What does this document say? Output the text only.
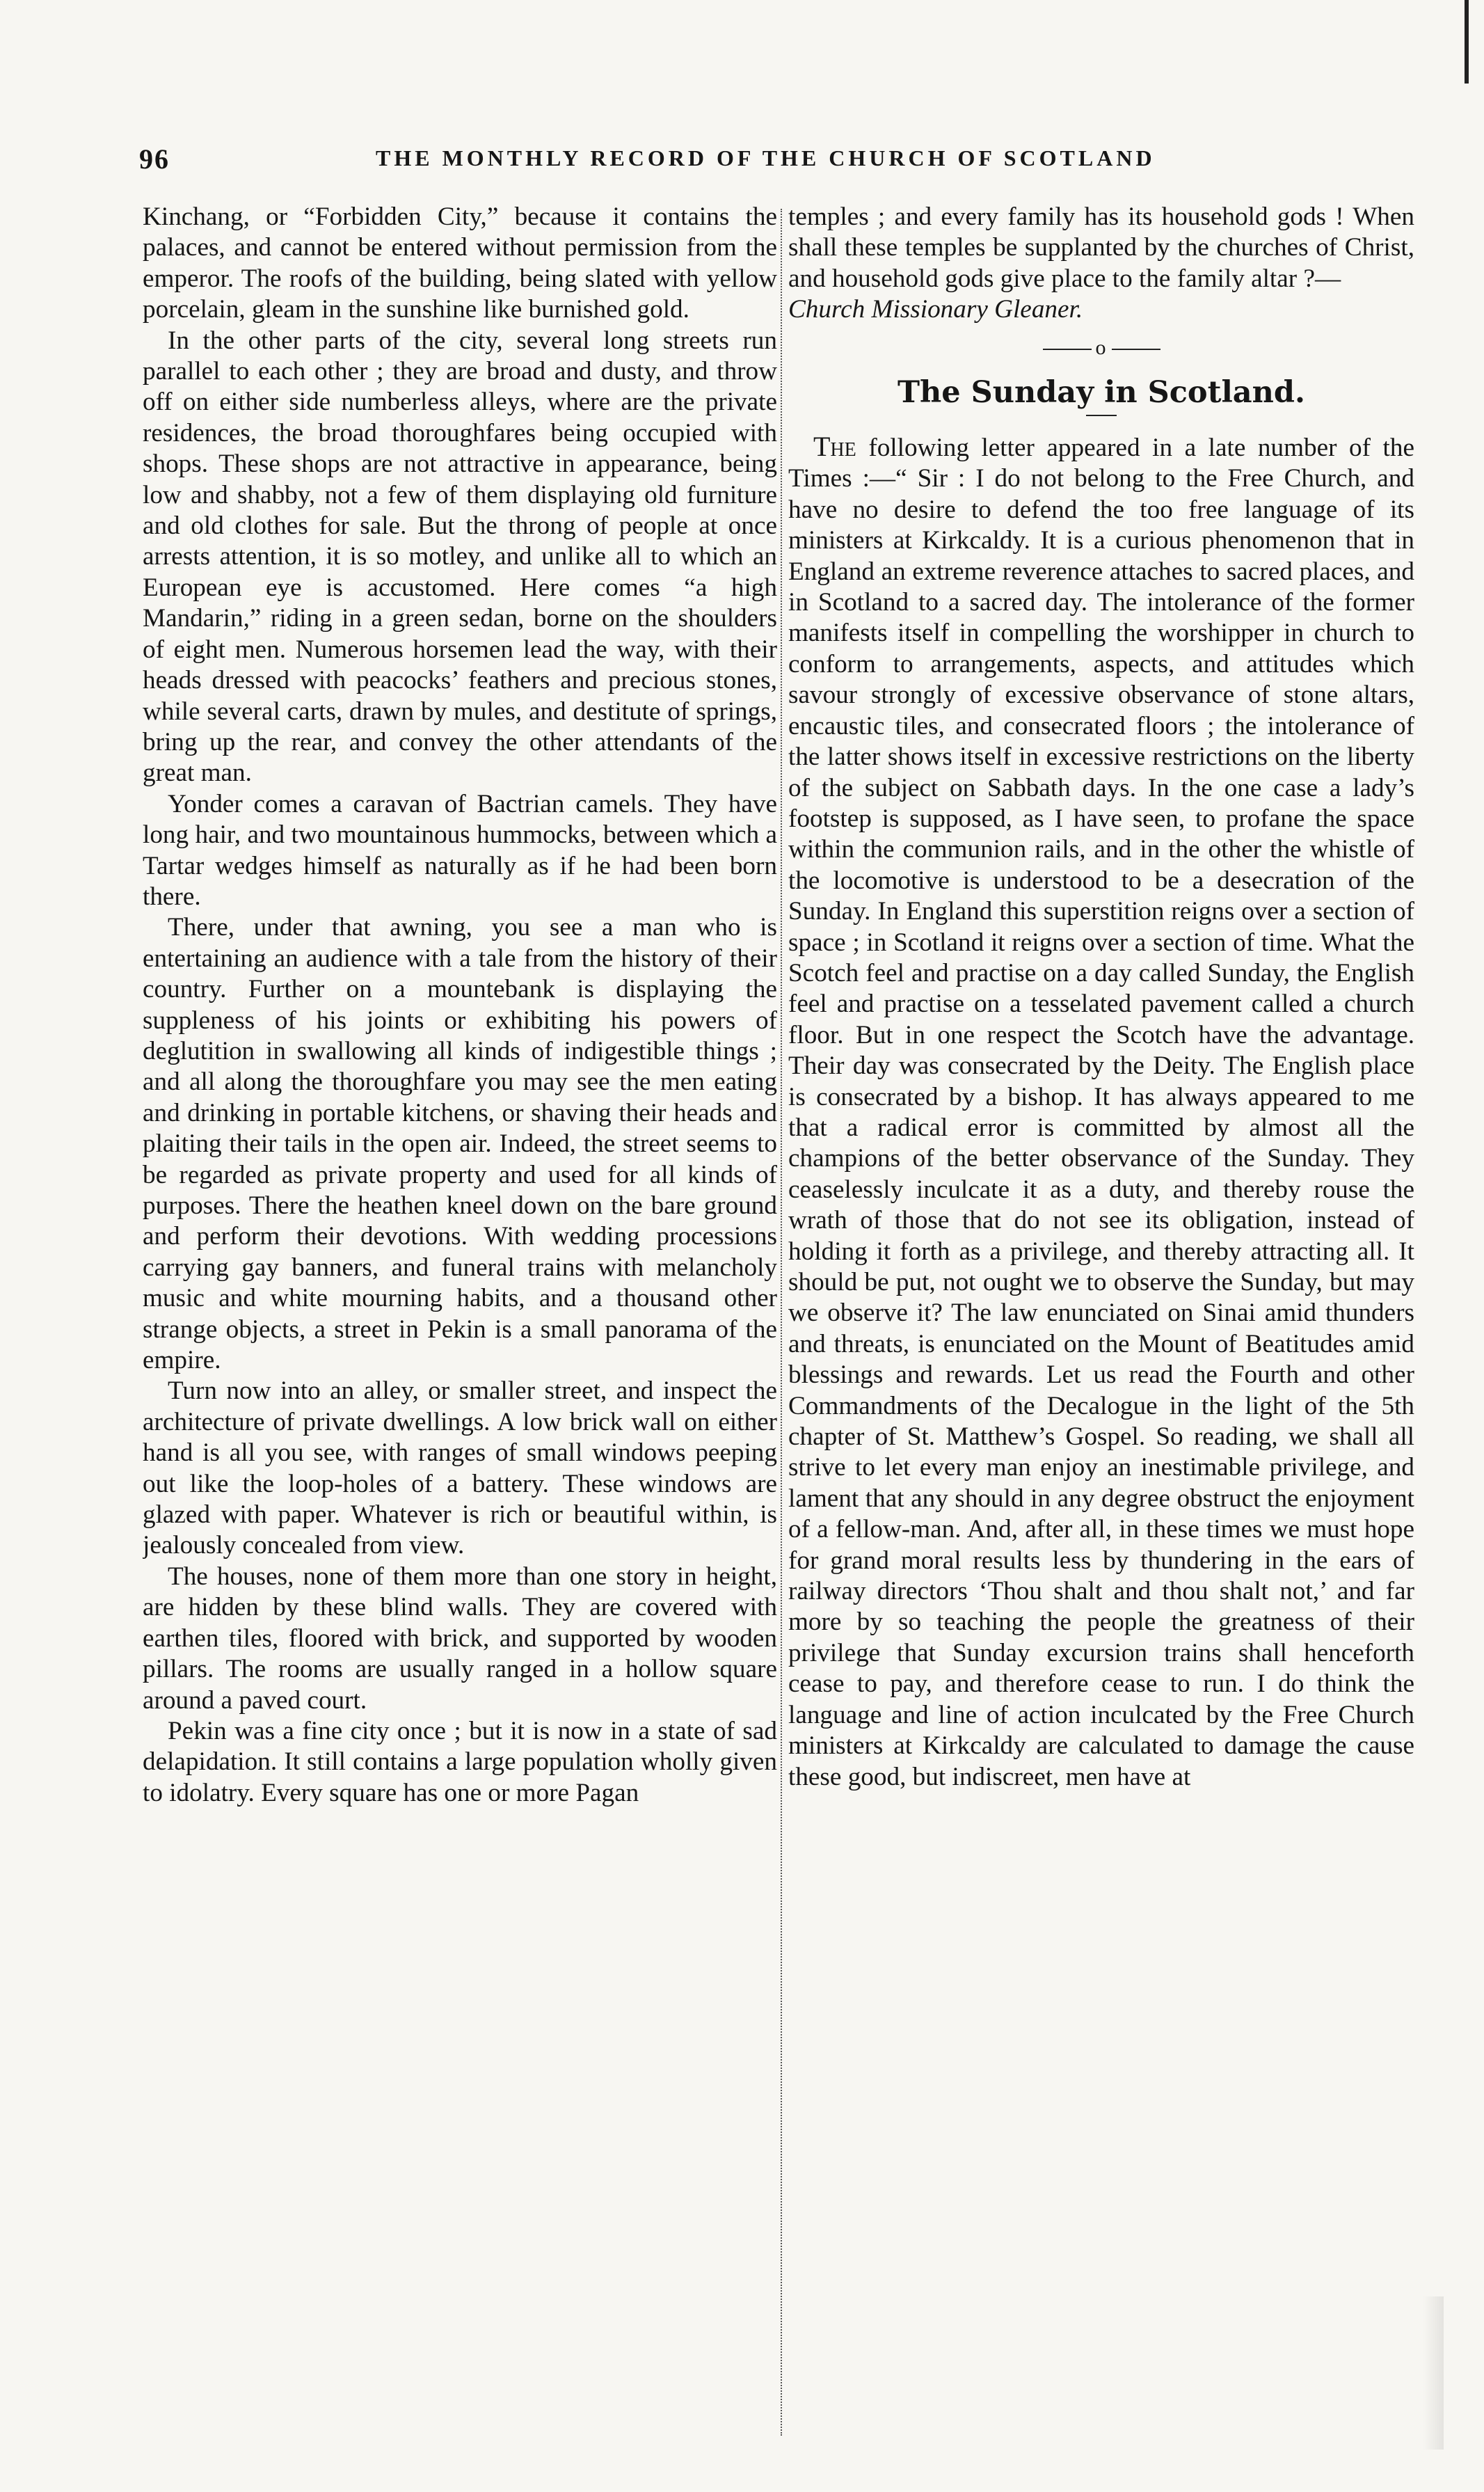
96	THE MONTHLY RECORD OF THE CHURCH OF SCOTLAND

Kinchang, or “Forbidden City,” because it contains the palaces, and cannot be entered without permission from the emperor. The roofs of the building, being slated with yellow porcelain, gleam in the sunshine like burnished gold.

In the other parts of the city, several long streets run parallel to each other ; they are broad and dusty, and throw off on either side numberless alleys, where are the private residences, the broad thoroughfares being occupied with shops. These shops are not attractive in appearance, being low and shabby, not a few of them displaying old furniture and old clothes for sale. But the throng of people at once arrests attention, it is so motley, and unlike all to which an European eye is accustomed. Here comes “a high Mandarin,” riding in a green sedan, borne on the shoulders of eight men. Numerous horsemen lead the way, with their heads dressed with peacocks’ feathers and precious stones, while several carts, drawn by mules, and destitute of springs, bring up the rear, and convey the other attendants of the great man.

Yonder comes a caravan of Bactrian camels. They have long hair, and two mountainous hummocks, between which a Tartar wedges himself as naturally as if he had been born there.

There, under that awning, you see a man who is entertaining an audience with a tale from the history of their country. Further on a mountebank is displaying the suppleness of his joints or exhibiting his powers of deglutition in swallowing all kinds of indigestible things ; and all along the thoroughfare you may see the men eating and drinking in portable kitchens, or shaving their heads and plaiting their tails in the open air. Indeed, the street seems to be regarded as private property and used for all kinds of purposes. There the heathen kneel down on the bare ground and perform their devotions. With wedding processions carrying gay banners, and funeral trains with melancholy music and white mourning habits, and a thousand other strange objects, a street in Pekin is a small panorama of the empire.

Turn now into an alley, or smaller street, and inspect the architecture of private dwellings. A low brick wall on either hand is all you see, with ranges of small windows peeping out like the loop-holes of a battery. These windows are glazed with paper. Whatever is rich or beautiful within, is jealously concealed from view.

The houses, none of them more than one story in height, are hidden by these blind walls. They are covered with earthen tiles, floored with brick, and supported by wooden pillars. The rooms are usually ranged in a hollow square around a paved court.

Pekin was a fine city once ; but it is now in a state of sad delapidation. It still contains a large population wholly given to idolatry. Every square has one or more Pagan

temples ; and every family has its household gods ! When shall these temples be supplanted by the churches of Christ, and household gods give place to the family altar ?—

Church Missionary Gleaner.

o
The Sunday in Scotland.

The following letter appeared in a late number of the Times :—“ Sir : I do not belong to the Free Church, and have no desire to defend the too free language of its ministers at Kirkcaldy. It is a curious phenomenon that in England an extreme reverence attaches to sacred places, and in Scotland to a sacred day. The intolerance of the former manifests itself in compelling the worshipper in church to conform to arrangements, aspects, and attitudes which savour strongly of excessive observance of stone altars, encaustic tiles, and consecrated floors ; the intolerance of the latter shows itself in excessive restrictions on the liberty of the subject on Sabbath days. In the one case a lady’s footstep is supposed, as I have seen, to profane the space within the communion rails, and in the other the whistle of the locomotive is understood to be a desecration of the Sunday. In England this superstition reigns over a section of space ; in Scotland it reigns over a section of time. What the Scotch feel and practise on a day called Sunday, the English feel and practise on a tesselated pavement called a church floor. But in one respect the Scotch have the advantage. Their day was consecrated by the Deity. The English place is consecrated by a bishop. It has always appeared to me that a radical error is committed by almost all the champions of the better observance of the Sunday. They ceaselessly inculcate it as a duty, and thereby rouse the wrath of those that do not see its obligation, instead of holding it forth as a privilege, and thereby attracting all. It should be put, not ought we to observe the Sunday, but may we observe it? The law enunciated on Sinai amid thunders and threats, is enunciated on the Mount of Beatitudes amid blessings and rewards. Let us read the Fourth and other Commandments of the Decalogue in the light of the 5th chapter of St. Matthew’s Gospel. So reading, we shall all strive to let every man enjoy an inestimable privilege, and lament that any should in any degree obstruct the enjoyment of a fellow-man. And, after all, in these times we must hope for grand moral results less by thundering in the ears of railway directors ‘Thou shalt and thou shalt not,’ and far more by so teaching the people the greatness of their privilege that Sunday excursion trains shall henceforth cease to pay, and therefore cease to run. I do think the language and line of action inculcated by the Free Church ministers at Kirkcaldy are calculated to damage the cause these good, but indiscreet, men have at
